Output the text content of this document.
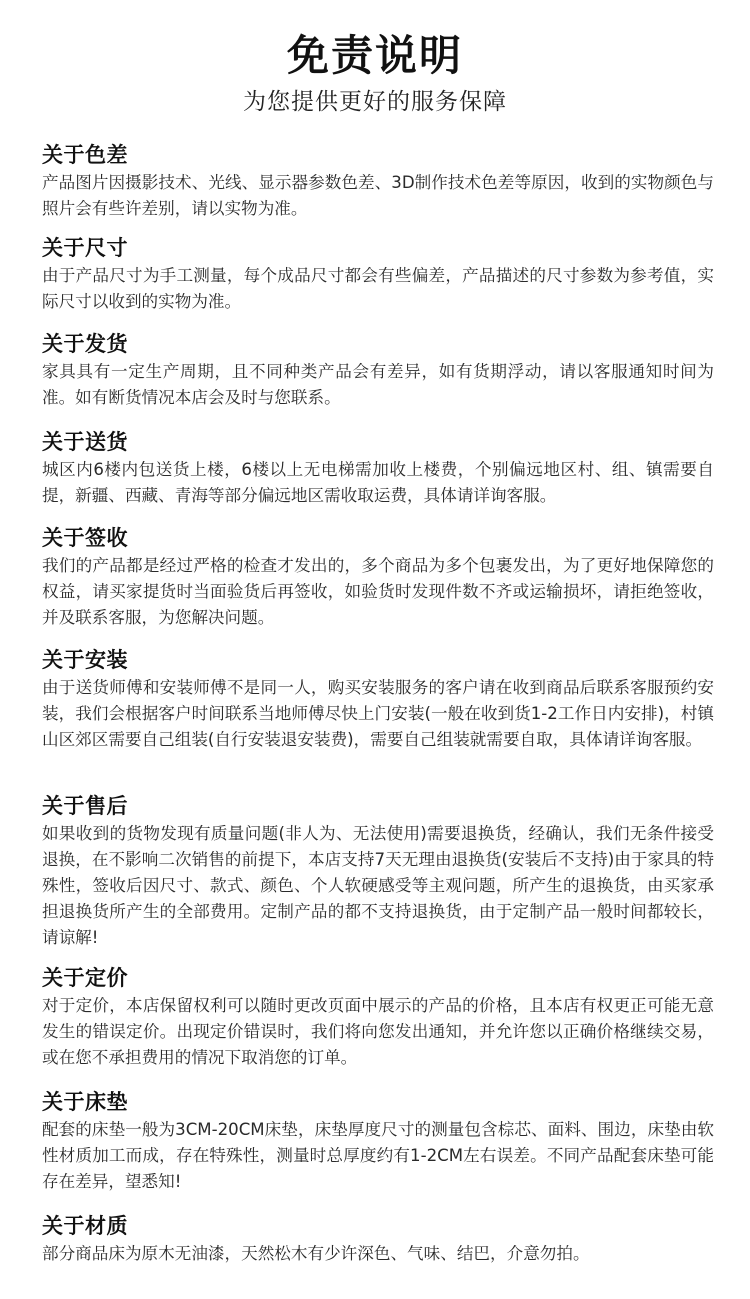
免责说明

为您提供更好的服务保障

关于色差

产品图片因摄影技术、光线、显示器参数色差、3D制作技术色差等原因，收到的实物颜色与照片会有些许差别，请以实物为准。

关于尺寸

由于产品尺寸为手工测量，每个成品尺寸都会有些偏差，产品描述的尺寸参数为参考值，实际尺寸以收到的实物为准。

关于发货

家具具有一定生产周期，且不同种类产品会有差异，如有货期浮动，请以客服通知时间为准。如有断货情况本店会及时与您联系。

关于送货

城区内6楼内包送货上楼，6楼以上无电梯需加收上楼费，个别偏远地区村、组、镇需要自提，新疆、西藏、青海等部分偏远地区需收取运费，具体请详询客服。

关于签收

我们的产品都是经过严格的检查才发出的，多个商品为多个包裹发出，为了更好地保障您的权益，请买家提货时当面验货后再签收，如验货时发现件数不齐或运输损坏，请拒绝签收，并及联系客服，为您解决问题。

关于安装

由于送货师傅和安装师傅不是同一人，购买安装服务的客户请在收到商品后联系客服预约安装，我们会根据客户时间联系当地师傅尽快上门安装(一般在收到货1-2工作日内安排)，村镇山区郊区需要自己组装(自行安装退安装费)，需要自己组装就需要自取，具体请详询客服。

关于售后

如果收到的货物发现有质量问题(非人为、无法使用)需要退换货，经确认，我们无条件接受退换，在不影响二次销售的前提下，本店支持7天无理由退换货(安装后不支持)由于家具的特殊性，签收后因尺寸、款式、颜色、个人软硬感受等主观问题，所产生的退换货，由买家承担退换货所产生的全部费用。定制产品的都不支持退换货，由于定制产品一般时间都较长，请谅解!

关于定价

对于定价，本店保留权利可以随时更改页面中展示的产品的价格，且本店有权更正可能无意发生的错误定价。出现定价错误时，我们将向您发出通知，并允许您以正确价格继续交易，或在您不承担费用的情况下取消您的订单。

关于床垫

配套的床垫一般为3CM-20CM床垫，床垫厚度尺寸的测量包含棕芯、面料、围边，床垫由软性材质加工而成，存在特殊性，测量时总厚度约有1-2CM左右误差。不同产品配套床垫可能存在差异，望悉知!

关于材质

部分商品床为原木无油漆，天然松木有少许深色、气味、结巴，介意勿拍。
